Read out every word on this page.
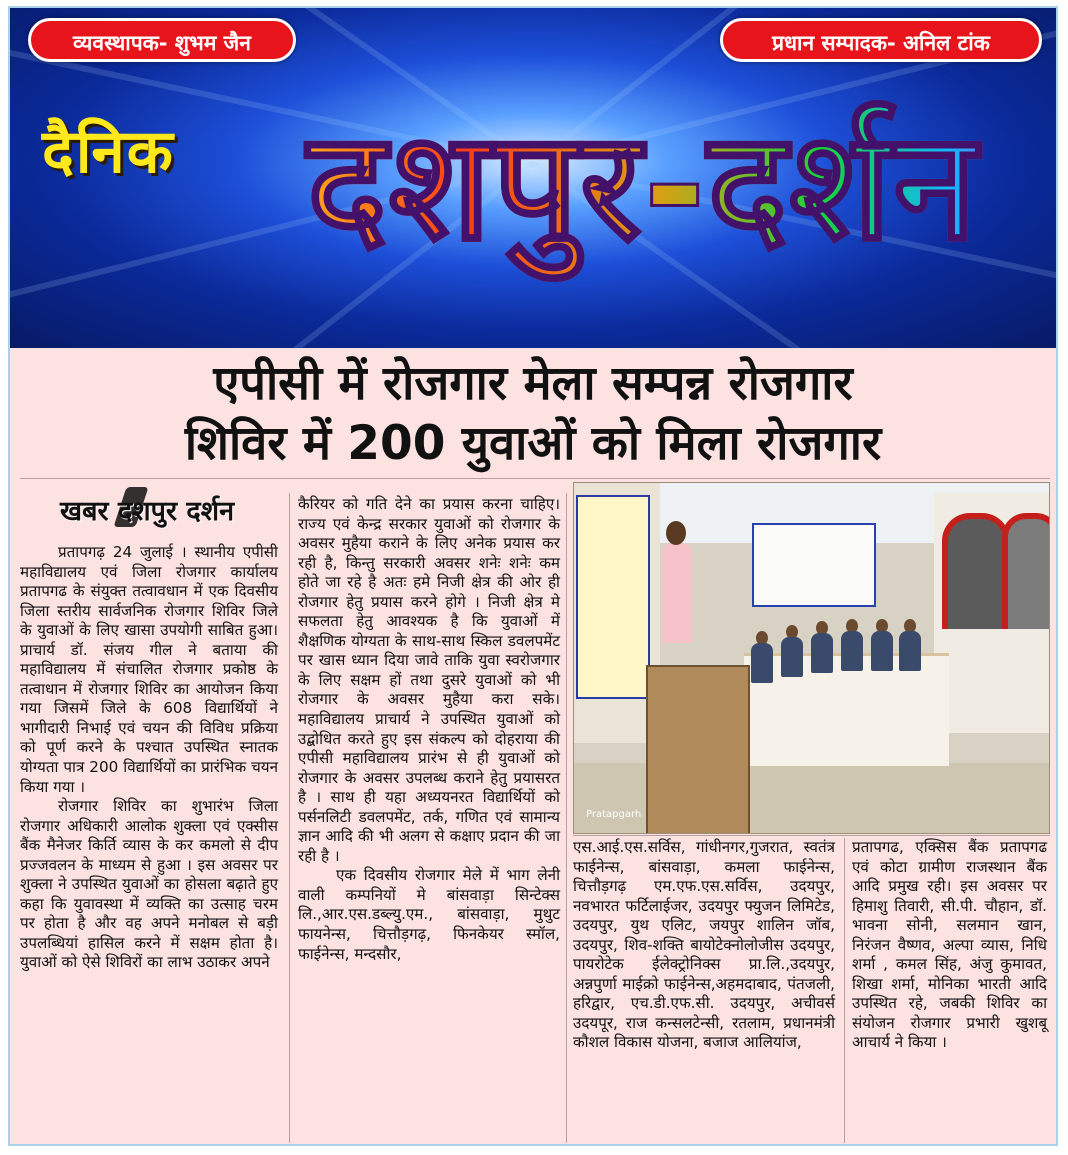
व्यवस्थापक- शुभम जैन	प्रधान सम्पादक- अनिल टांक
दैनिक दशपुर-दर्शन
एपीसी में रोजगार मेला सम्पन्न रोजगार
शिविर में 200 युवाओं को मिला रोजगार
खबर दशपुर दर्शन

प्रतापगढ़ 24 जुलाई । स्थानीय एपीसी महाविद्यालय एवं जिला रोजगार कार्यालय प्रतापगढ के संयुक्त तत्वावधान में एक दिवसीय जिला स्तरीय सार्वजनिक रोजगार शिविर जिले के युवाओं के लिए खासा उपयोगी साबित हुआ। प्राचार्य डॉ. संजय गील ने बताया की महाविद्यालय में संचालित रोजगार प्रकोष्ठ के तत्वाधान में रोजगार शिविर का आयोजन किया गया जिसमें जिले के 608 विद्यार्थियों ने भागीदारी निभाई एवं चयन की विविध प्रक्रिया को पूर्ण करने के पश्चात उपस्थित स्नातक योग्यता पात्र 200 विद्यार्थियों का प्रारंभिक चयन किया गया ।

रोजगार शिविर का शुभारंभ जिला रोजगार अधिकारी आलोक शुक्ला एवं एक्सीस बैंक मैनेजर किर्ति व्यास के कर कमलो से दीप प्रज्जवलन के माध्यम से हुआ । इस अवसर पर शुक्ला ने उपस्थित युवाओं का होसला बढ़ाते हुए कहा कि युवावस्था में व्यक्ति का उत्साह चरम पर होता है और वह अपने मनोबल से बड़ी उपलब्धियां हासिल करने में सक्षम होता है। युवाओं को ऐसे शिविरों का लाभ उठाकर अपने

कैरियर को गति देने का प्रयास करना चाहिए।राज्य एवं केन्द्र सरकार युवाओं को रोजगार के अवसर मुहैया कराने के लिए अनेक प्रयास कर रही है, किन्तु सरकारी अवसर शनेः शनेः कम होते जा रहे है अतः हमे निजी क्षेत्र की ओर ही रोजगार हेतु प्रयास करने होगे । निजी क्षेत्र मे सफलता हेतु आवश्यक है कि युवाओं में शैक्षणिक योग्यता के साथ-साथ स्किल डवलपमेंट पर खास ध्यान दिया जावे ताकि युवा स्वरोजगार के लिए सक्षम हों तथा दुसरे युवाओं को भी रोजगार के अवसर मुहैया करा सके। महाविद्यालय प्राचार्य ने उपस्थित युवाओं को उद्बोधित करते हुए इस संकल्प को दोहराया की एपीसी महाविद्यालय प्रारंभ से ही युवाओं को रोजगार के अवसर उपलब्ध कराने हेतु प्रयासरत है । साथ ही यहा अध्ययनरत विद्यार्थियों को पर्सनलिटी डवलपमेंट, तर्क, गणित एवं सामान्य ज्ञान आदि की भी अलग से कक्षाए प्रदान की जा रही है ।

एक दिवसीय रोजगार मेले में भाग लेनी वाली कम्पनियों मे बांसवाड़ा सिन्टेक्स लि.,आर.एस.डब्ल्यु.एम., बांसवाड़ा, मुथुट फायनेन्स, चित्तौड़गढ़, फिनकेयर स्मॉल, फाईनेन्स, मन्दसौर,

Pratapgarh

एस.आई.एस.सर्विस, गांधीनगर,गुजरात, स्वतंत्र फाईनेन्स, बांसवाड़ा, कमला फाईनेन्स, चित्तौड़गढ़ एम.एफ.एस.सर्विस, उदयपुर, नवभारत फर्टिलाईजर, उदयपुर फ्युजन लिमिटेड, उदयपुर, युथ एलिट, जयपुर शालिन जॉब, उदयपुर, शिव-शक्ति बायोटेक्नोलोजीस उदयपुर, पायरोटेक ईलेक्ट्रोनिक्स प्रा.लि.,उदयपुर, अन्नपुर्णा माईक्रो फाईनेन्स,अहमदाबाद, पंतजली, हरिद्वार, एच.डी.एफ.सी. उदयपुर, अचीवर्स उदयपूर, राज कन्सलटेन्सी, रतलाम, प्रधानमंत्री कौशल विकास योजना, बजाज आलियांज,

प्रतापगढ, एक्सिस बैंक प्रतापगढ एवं कोटा ग्रामीण राजस्थान बैंक आदि प्रमुख रही। इस अवसर पर हिमाशु तिवारी, सी.पी. चौहान, डॉ. भावना सोनी, सलमान खान, निरंजन वैष्णव, अल्पा व्यास, निधि शर्मा , कमल सिंह, अंजु कुमावत, शिखा शर्मा, मोनिका भारती आदि उपस्थित रहे, जबकी शिविर का संयोजन रोजगार प्रभारी खुशबू आचार्य ने किया ।
